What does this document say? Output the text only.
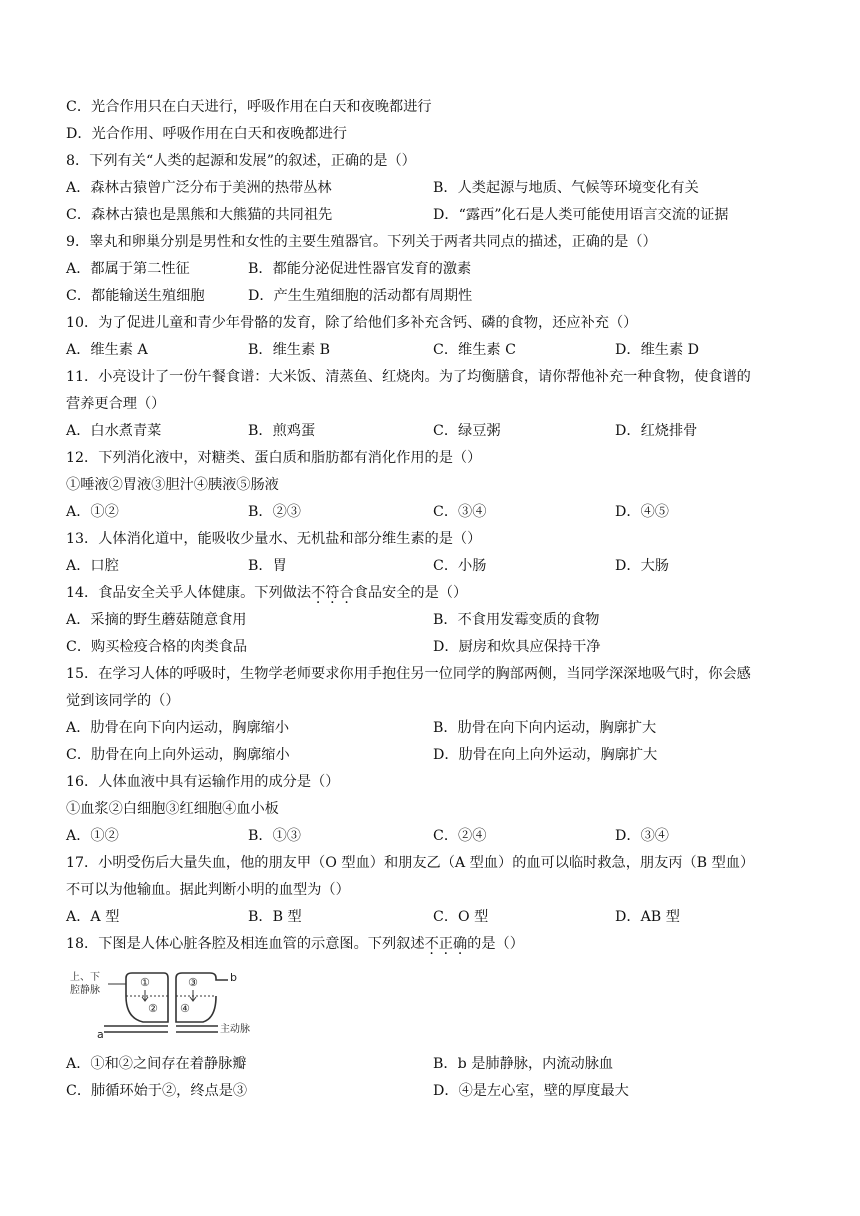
C．光合作用只在白天进行，呼吸作用在白天和夜晚都进行
D．光合作用、呼吸作用在白天和夜晚都进行
8．下列有关“人类的起源和发展”的叙述，正确的是（）
A．森林古猿曾广泛分布于美洲的热带丛林	B．人类起源与地质、气候等环境变化有关
C．森林古猿也是黑熊和大熊猫的共同祖先	D．“露西”化石是人类可能使用语言交流的证据
9．睾丸和卵巢分别是男性和女性的主要生殖器官。下列关于两者共同点的描述，正确的是（）
A．都属于第二性征	B．都能分泌促进性器官发育的激素
C．都能输送生殖细胞	D．产生生殖细胞的活动都有周期性
10．为了促进儿童和青少年骨骼的发育，除了给他们多补充含钙、磷的食物，还应补充（）
A．维生素 A	B．维生素 B	C．维生素 C	D．维生素 D
11．小亮设计了一份午餐食谱：大米饭、清蒸鱼、红烧肉。为了均衡膳食，请你帮他补充一种食物，使食谱的
营养更合理（）
A．白水煮青菜	B．煎鸡蛋	C．绿豆粥	D．红烧排骨
12．下列消化液中，对糖类、蛋白质和脂肪都有消化作用的是（）
①唾液②胃液③胆汁④胰液⑤肠液
A．①②	B．②③	C．③④	D．④⑤
13．人体消化道中，能吸收少量水、无机盐和部分维生素的是（）
A．口腔	B．胃	C．小肠	D．大肠
14．食品安全关乎人体健康。下列做法不符合食品安全的是（）
A．采摘的野生蘑菇随意食用	B．不食用发霉变质的食物
C．购买检疫合格的肉类食品	D．厨房和炊具应保持干净
15．在学习人体的呼吸时，生物学老师要求你用手抱住另一位同学的胸部两侧，当同学深深地吸气时，你会感
觉到该同学的（）
A．肋骨在向下向内运动，胸廓缩小	B．肋骨在向下向内运动，胸廓扩大
C．肋骨在向上向外运动，胸廓缩小	D．肋骨在向上向外运动，胸廓扩大
16．人体血液中具有运输作用的成分是（）
①血浆②白细胞③红细胞④血小板
A．①②	B．①③	C．②④	D．③④
17．小明受伤后大量失血，他的朋友甲（O 型血）和朋友乙（A 型血）的血可以临时救急，朋友丙（B 型血）
不可以为他输血。据此判断小明的血型为（）
A．A 型	B．B 型	C．O 型	D．AB 型
18．下图是人体心脏各腔及相连血管的示意图。下列叙述不正确的是（）
上、下
腔静脉
①	③
② ④
b
a	主动脉
A．①和②之间存在着静脉瓣	B．b 是肺静脉，内流动脉血
C．肺循环始于②，终点是③	D．④是左心室，壁的厚度最大
